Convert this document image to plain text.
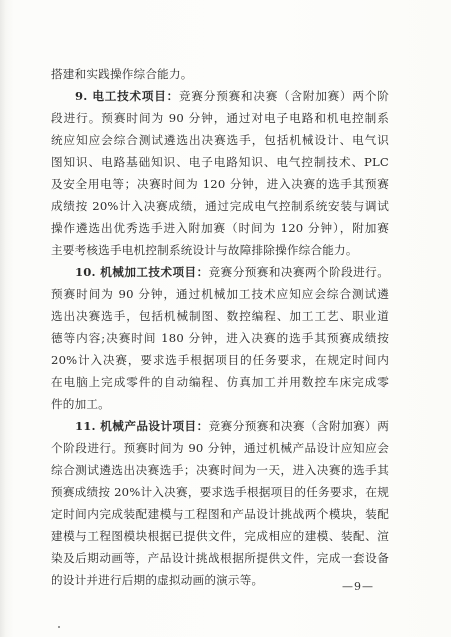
搭建和实践操作综合能力。
9. 电工技术项目：竞赛分预赛和决赛（含附加赛）两个阶
段进行。预赛时间为 90 分钟，通过对电子电路和机电控制系
统应知应会综合测试遴选出决赛选手，包括机械设计、电气识
图知识、电路基础知识、电子电路知识、电气控制技术、PLC
及安全用电等；决赛时间为 120 分钟，进入决赛的选手其预赛
成绩按 20%计入决赛成绩，通过完成电气控制系统安装与调试
操作遴选出优秀选手进入附加赛（时间为 120 分钟），附加赛
主要考核选手电机控制系统设计与故障排除操作综合能力。
10. 机械加工技术项目：竞赛分预赛和决赛两个阶段进行。
预赛时间为 90 分钟，通过机械加工技术应知应会综合测试遴
选出决赛选手，包括机械制图、数控编程、加工工艺、职业道
德等内容;决赛时间 180 分钟，进入决赛的选手其预赛成绩按
20%计入决赛，要求选手根据项目的任务要求，在规定时间内
在电脑上完成零件的自动编程、仿真加工并用数控车床完成零
件的加工。
11. 机械产品设计项目：竞赛分预赛和决赛（含附加赛）两
个阶段进行。预赛时间为 90 分钟，通过机械产品设计应知应会
综合测试遴选出决赛选手；决赛时间为一天，进入决赛的选手其
预赛成绩按 20%计入决赛，要求选手根据项目的任务要求，在规
定时间内完成装配建模与工程图和产品设计挑战两个模块，装配
建模与工程图模块根据已提供文件，完成相应的建模、装配、渲
染及后期动画等，产品设计挑战根据所提供文件，完成一套设备
的设计并进行后期的虚拟动画的演示等。	—9—
